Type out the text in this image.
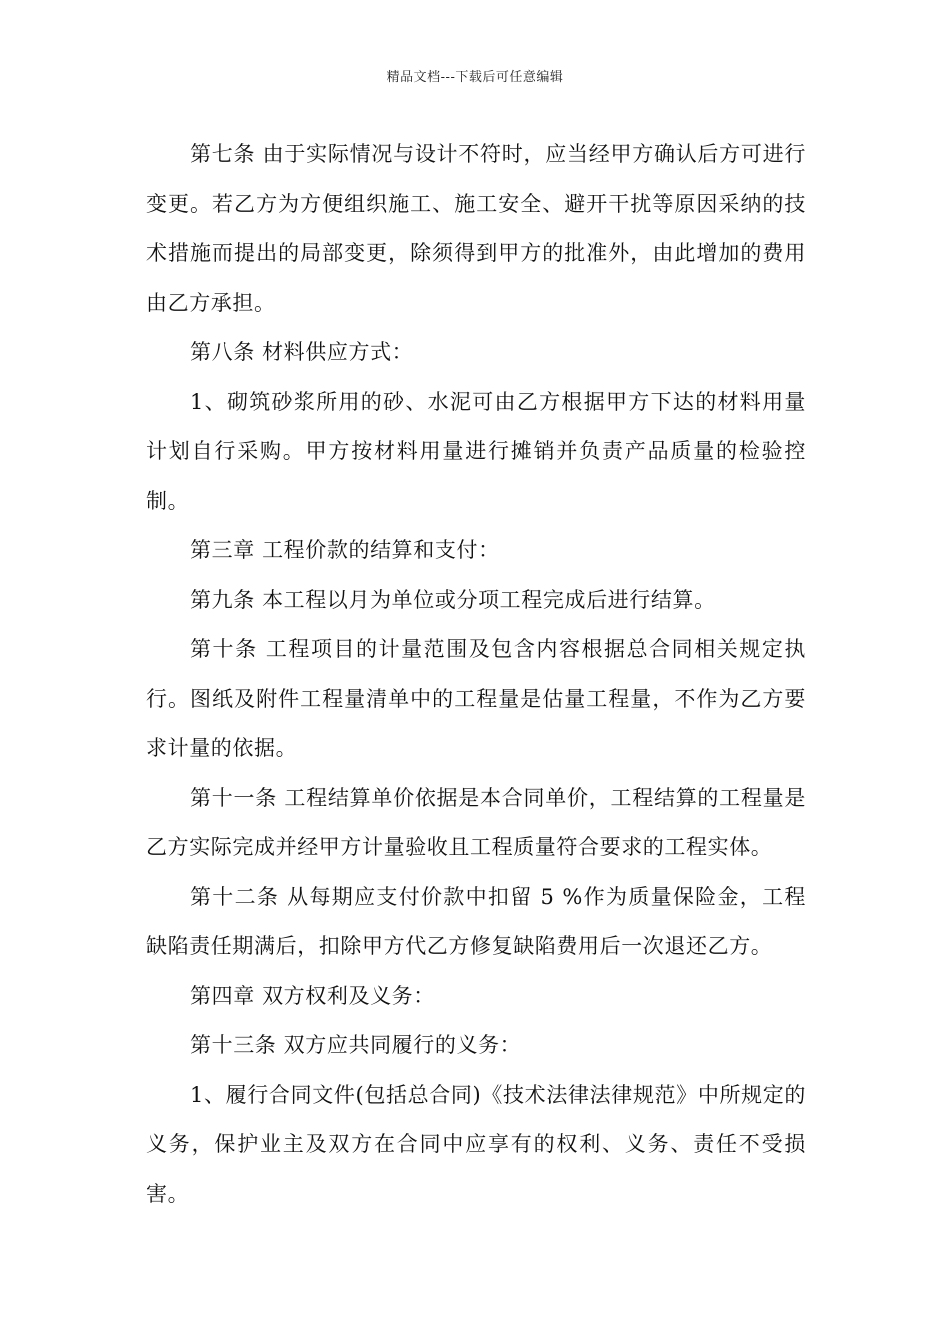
精品文档---下载后可任意编辑

第七条 由于实际情况与设计不符时，应当经甲方确认后方可进行变更。若乙方为方便组织施工、施工安全、避开干扰等原因采纳的技术措施而提出的局部变更，除须得到甲方的批准外，由此增加的费用由乙方承担。

第八条 材料供应方式：

1、砌筑砂浆所用的砂、水泥可由乙方根据甲方下达的材料用量计划自行采购。甲方按材料用量进行摊销并负责产品质量的检验控制。

第三章 工程价款的结算和支付：

第九条 本工程以月为单位或分项工程完成后进行结算。

第十条 工程项目的计量范围及包含内容根据总合同相关规定执行。图纸及附件工程量清单中的工程量是估量工程量，不作为乙方要求计量的依据。

第十一条 工程结算单价依据是本合同单价，工程结算的工程量是乙方实际完成并经甲方计量验收且工程质量符合要求的工程实体。

第十二条 从每期应支付价款中扣留 5 %作为质量保险金，工程缺陷责任期满后，扣除甲方代乙方修复缺陷费用后一次退还乙方。

第四章 双方权利及义务：

第十三条 双方应共同履行的义务：

1、履行合同文件(包括总合同)《技术法律法律规范》中所规定的义务，保护业主及双方在合同中应享有的权利、义务、责任不受损害。
